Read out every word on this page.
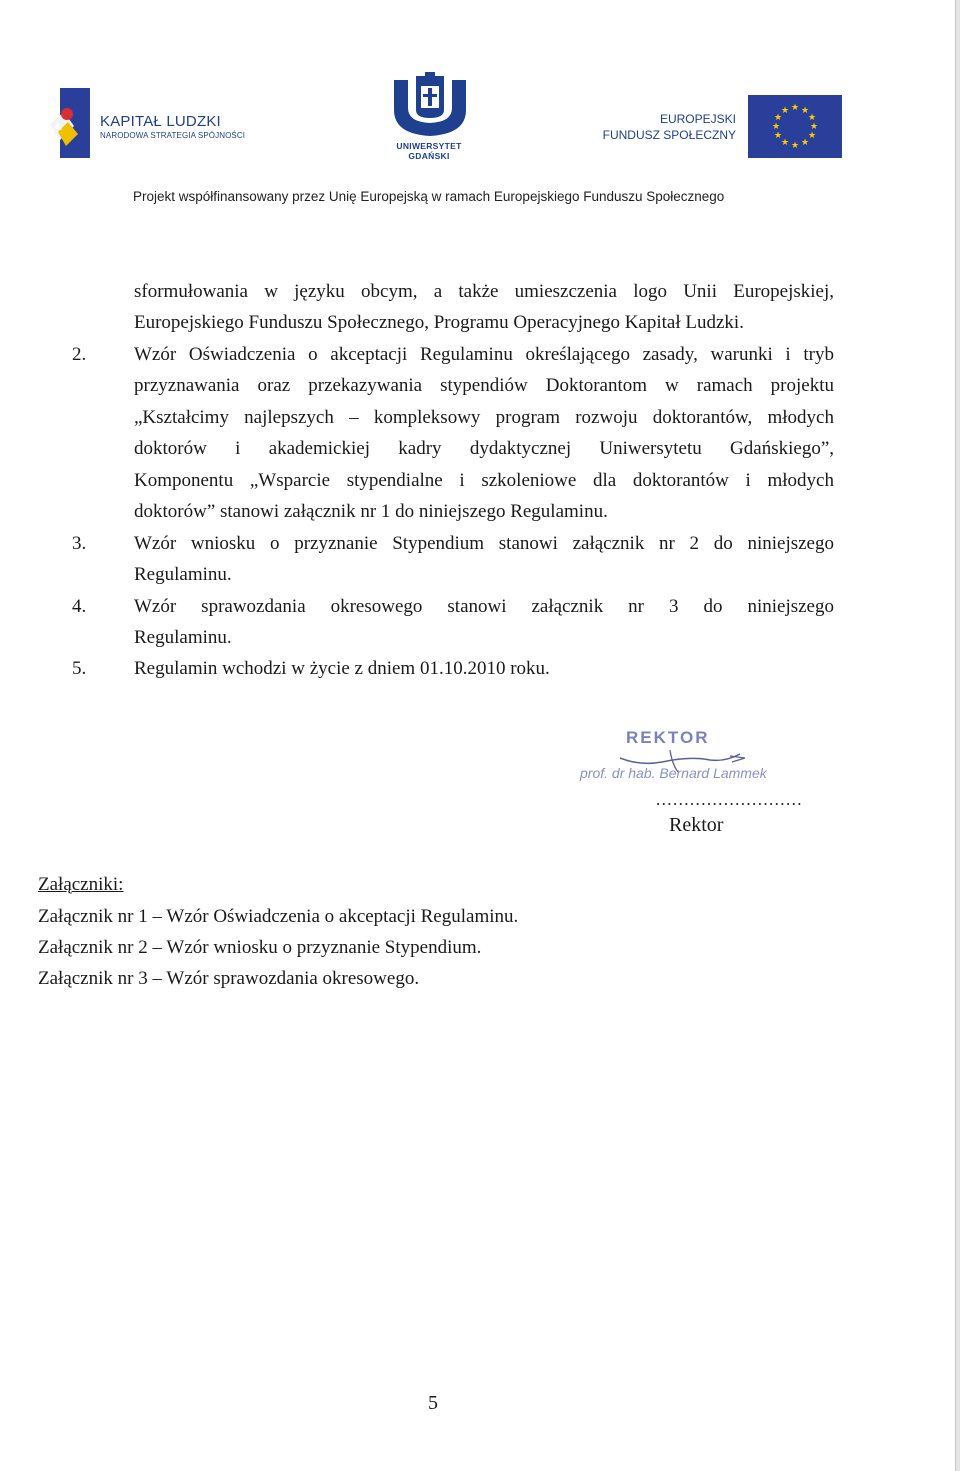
KAPITAŁ LUDZKI
NARODOWA STRATEGIA SPÓJNOŚCI
UNIWERSYTET GDAŃSKI
EUROPEJSKI
FUNDUSZ SPOŁECZNY
★ ★
★
★
★
★
★
★
★
★
★
★
Projekt współfinansowany przez Unię Europejską w ramach Europejskiego Funduszu Społecznego
sformułowania w języku obcym, a także umieszczenia logo Unii Europejskiej,
Europejskiego Funduszu Społecznego, Programu Operacyjnego Kapitał Ludzki.
2.	Wzór Oświadczenia o akceptacji Regulaminu określającego zasady, warunki i tryb
przyznawania oraz przekazywania stypendiów Doktorantom w ramach projektu
„Kształcimy najlepszych – kompleksowy program rozwoju doktorantów, młodych
doktorów i akademickiej kadry dydaktycznej Uniwersytetu Gdańskiego”,
Komponentu „Wsparcie stypendialne i szkoleniowe dla doktorantów i młodych
doktorów” stanowi załącznik nr 1 do niniejszego Regulaminu.
3.	Wzór wniosku o przyznanie Stypendium stanowi załącznik nr 2 do niniejszego
Regulaminu.
4.	Wzór sprawozdania okresowego stanowi załącznik nr 3 do niniejszego
Regulaminu.
5.	Regulamin wchodzi w życie z dniem 01.10.2010 roku.
REKTOR
prof. dr hab. Bernard Lammek
..........................
Rektor
Załączniki:
Załącznik nr 1 – Wzór Oświadczenia o akceptacji Regulaminu.
Załącznik nr 2 – Wzór wniosku o przyznanie Stypendium.
Załącznik nr 3 – Wzór sprawozdania okresowego.
5
